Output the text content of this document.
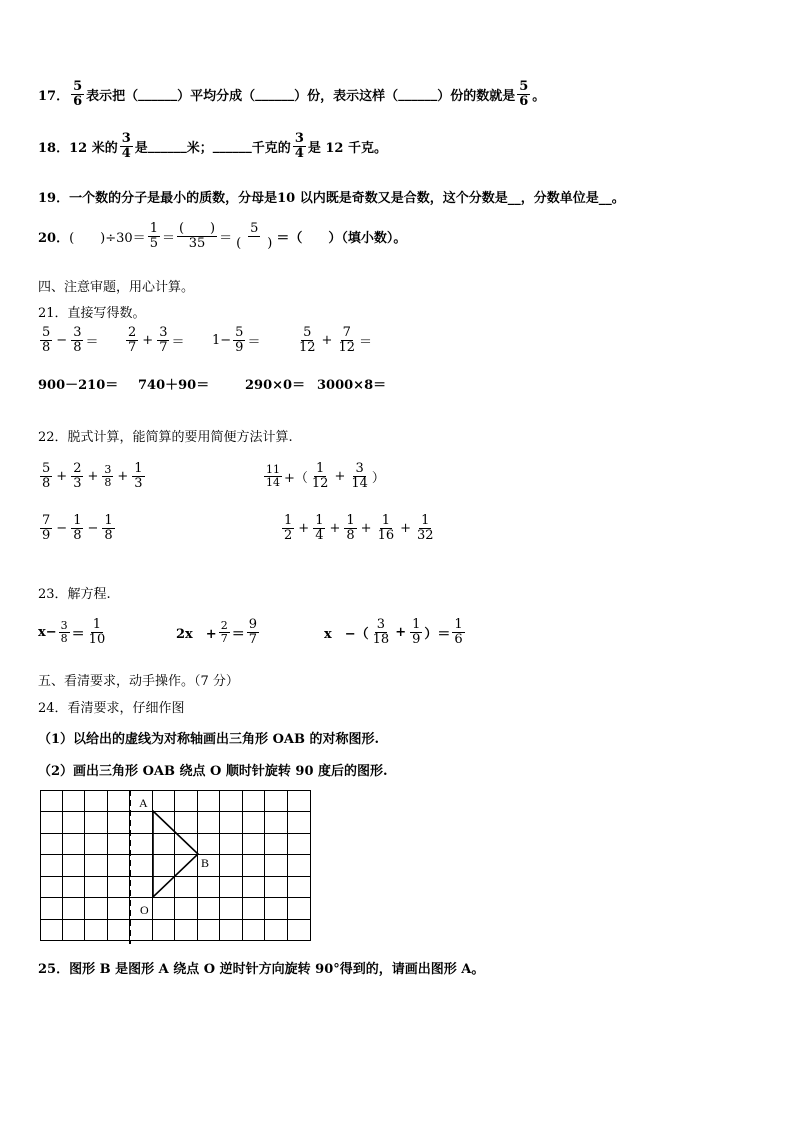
17． $\frac{5}{6}$ 表示把（ ______ ）平均分成（ ______ ）份，表示这样（ ______ ）份的数就是 $\frac{5}{6}$ 。
18． 12 米的 $\frac{3}{4}$ 是 ______ 米； ______ 千克的 $\frac{3}{4}$ 是 12 千克。
19．一个数的分子是最小的质数，分母是10 以内既是奇数又是合数，这个分数是__，分数单位是__。
20． (　　)$\div 30= \frac{1}{5} = \frac{( )}{35} = \frac{5}{( )}$ ＝（　　）（填小数）。
四、注意审题，用心计算。
21．直接写得数。
$\frac{5}{8} - \frac{3}{8} = \frac{2}{7} + \frac{3}{7} = 1- \frac{5}{9}$ ＝	$\frac{5}{12} + \frac{7}{12}$ ＝
900－210＝	740＋90＝	290×0＝ 3000×8＝
22．脱式计算，能简算的要用简便方法计算.
$\frac{5}{8} + \frac{2}{3} + \frac{3}{8} + \frac{1}{3}$	$\frac{11}{14}$ +（ $\frac{1}{12} + \frac{3}{14}$ ）
$\frac{7}{9} - \frac{1}{8} - \frac{1}{8}$	$\frac{1}{2} + \frac{1}{4} + \frac{1}{8} + \frac{1}{16} + \frac{1}{32}$
23．解方程.
$x- \frac{3}{8} = \frac{1}{10}$	2x　+ $\frac{2}{7} = \frac{9}{7}$	x　−（ $\frac{3}{18} + \frac{1}{9}$ ）＝ $\frac{1}{6}$
五、看清要求，动手操作。（7 分）
24．看清要求，仔细作图
（1）以给出的虚线为对称轴画出三角形 OAB 的对称图形.
（2）画出三角形 OAB 绕点 O 顺时针旋转 90 度后的图形.
A
B
O
25．图形 B 是图形 A 绕点 O 逆时针方向旋转 90°得到的，请画出图形 A。
